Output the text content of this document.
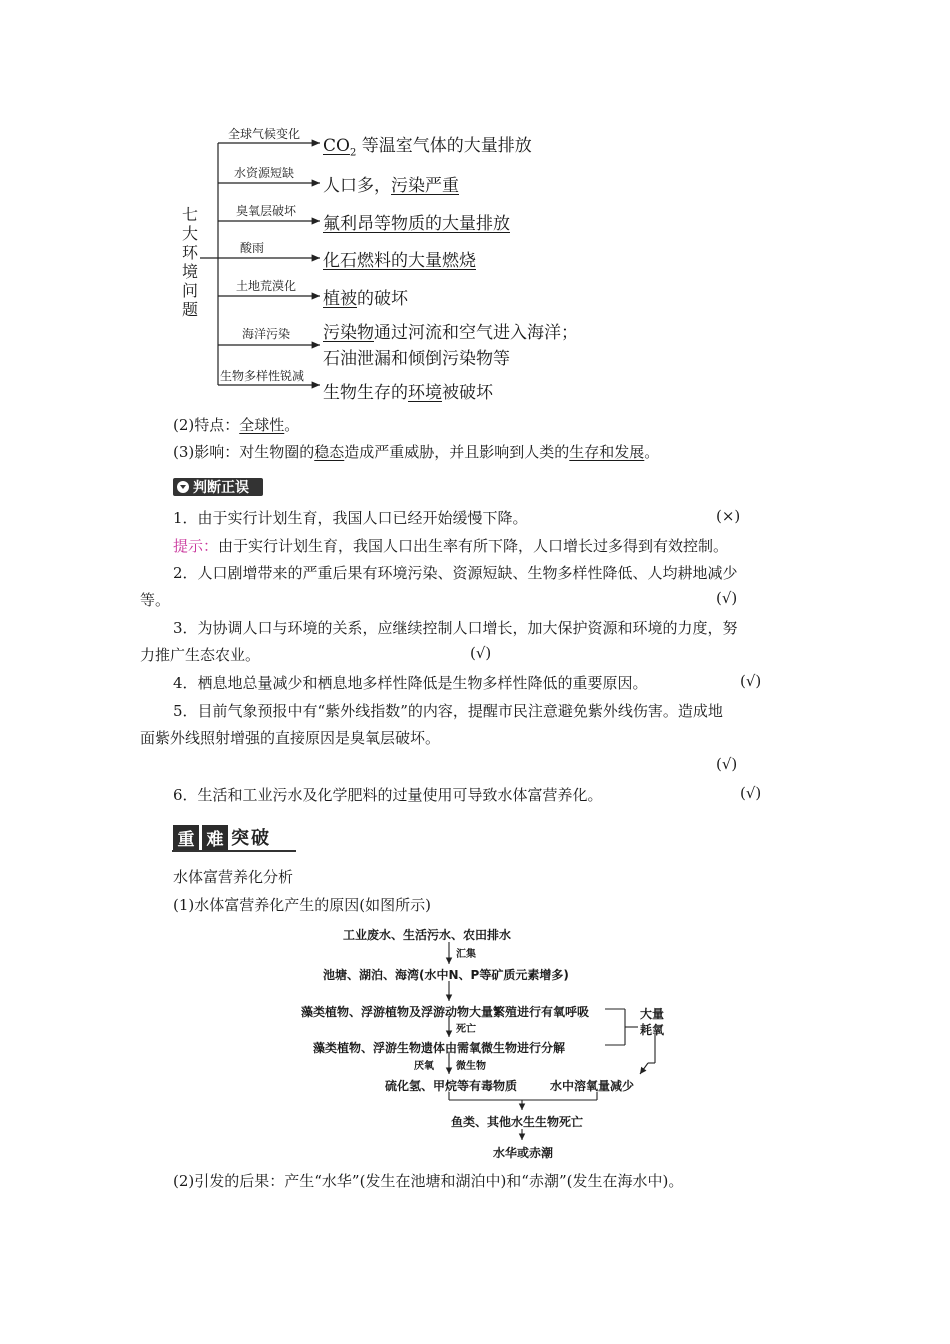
七
大
环
境
问
题
全球气候变化
水资源短缺
臭氧层破坏
酸雨
土地荒漠化
海洋污染
生物多样性锐减
$CO_2$ 等温室气体的大量排放
人口多，污染严重
氟利昂等物质的大量排放
化石燃料的大量燃烧
植被的破坏
污染物通过河流和空气进入海洋；
石油泄漏和倾倒污染物等
生物生存的环境被破坏
(2)特点：全球性。
(3)影响：对生物圈的稳态造成严重威胁，并且影响到人类的生存和发展。
判断正误
1．由于实行计划生育，我国人口已经开始缓慢下降。	(×)
提示：由于实行计划生育，我国人口出生率有所下降，人口增长过多得到有效控制。
2．人口剧增带来的严重后果有环境污染、资源短缺、生物多样性降低、人均耕地减少
等。	(√)
3．为协调人口与环境的关系，应继续控制人口增长，加大保护资源和环境的力度，努
力推广生态农业。	(√)
4．栖息地总量减少和栖息地多样性降低是生物多样性降低的重要原因。	(√)
5．目前气象预报中有“紫外线指数”的内容，提醒市民注意避免紫外线伤害。造成地
面紫外线照射增强的直接原因是臭氧层破坏。
(√)
6．生活和工业污水及化学肥料的过量使用可导致水体富营养化。	(√)
重 难 突 破
水体富营养化分析
(1)水体富营养化产生的原因(如图所示)
工业废水、生活污水、农田排水
汇集
池塘、湖泊、海湾(水中N、P等矿质元素增多)
藻类植物、浮游植物及浮游动物大量繁殖进行有氧呼吸
死亡
藻类植物、浮游生物遗体由需氧微生物进行分解
大量
耗氧
厌氧 微生物
硫化氢、甲烷等有毒物质	水中溶氧量减少
鱼类、其他水生生物死亡
水华或赤潮
(2)引发的后果：产生“水华”(发生在池塘和湖泊中)和“赤潮”(发生在海水中)。
